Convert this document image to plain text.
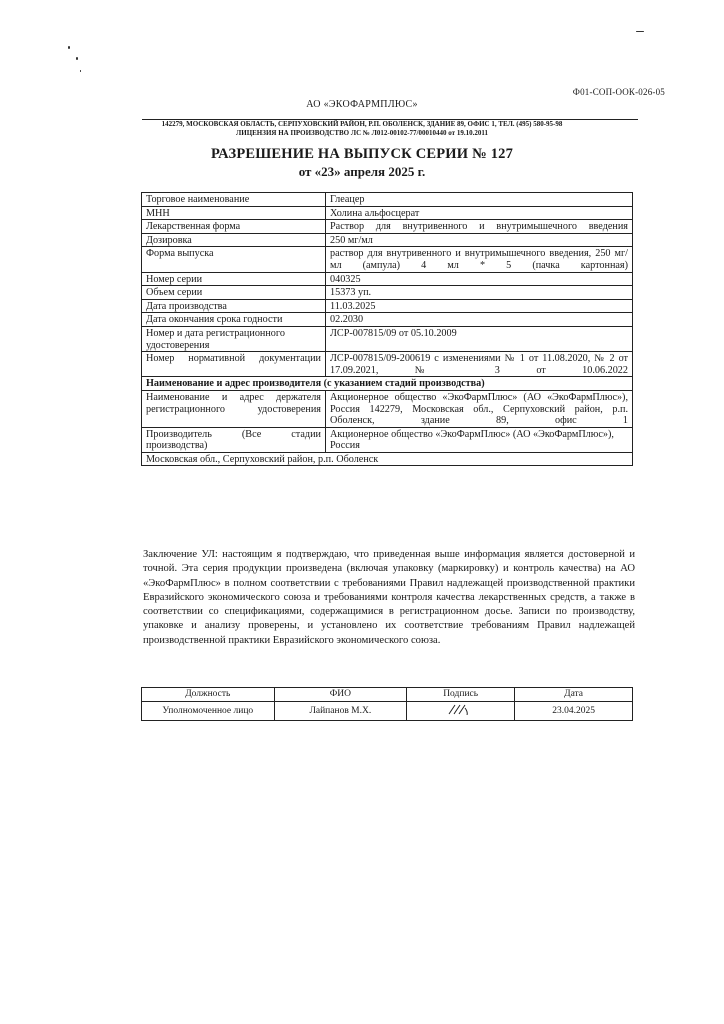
Ф01-СОП-ООК-026-05
АО «ЭКОФАРМПЛЮС»
142279, МОСКОВСКАЯ ОБЛАСТЬ, СЕРПУХОВСКИЙ РАЙОН, Р.П. ОБОЛЕНСК, ЗДАНИЕ 89, ОФИС 1, ТЕЛ. (495) 580-95-98
ЛИЦЕНЗИЯ НА ПРОИЗВОДСТВО ЛС № Л012-00102-77/00010440 от 19.10.2011
РАЗРЕШЕНИЕ НА ВЫПУСК СЕРИИ № 127
от «23» апреля 2025 г.
Торговое наименование	Глеацер
МНН	Холина альфосцерат
Лекарственная форма	Раствор для внутривенного и внутримышечного введения
Дозировка	250 мг/мл
Форма выпуска	раствор для внутривенного и внутримышечного введения, 250 мг/мл (ампула) 4 мл * 5 (пачка картонная)
Номер серии	040325
Объем серии	15373 уп.
Дата производства	11.03.2025
Дата окончания срока годности	02.2030
Номер и дата регистрационного удостоверения	ЛСР-007815/09 от 05.10.2009
Номер нормативной документации	ЛСР-007815/09-200619 с изменениями № 1 от 11.08.2020, № 2 от 17.09.2021, № 3 от 10.06.2022
Наименование и адрес производителя (с указанием стадий производства)	
Наименование и адрес держателя регистрационного удостоверения	Акционерное общество «ЭкоФармПлюс» (АО «ЭкоФармПлюс»), Россия 142279, Московская обл., Серпуховский район, р.п. Оболенск, здание 89, офис 1
Производитель (Все стадии производства)	Акционерное общество «ЭкоФармПлюс» (АО «ЭкоФармПлюс»), Россия
Московская обл., Серпуховский район, р.п. Оболенск	
Заключение УЛ: настоящим я подтверждаю, что приведенная выше информация является достоверной и точной. Эта серия продукции произведена (включая упаковку (маркировку) и контроль качества) на АО «ЭкоФармПлюс» в полном соответствии с требованиями Правил надлежащей производственной практики Евразийского экономического союза и требованиями контроля качества лекарственных средств, а также в соответствии со спецификациями, содержащимися в регистрационном досье. Записи по производству, упаковке и анализу проверены, и установлено их соответствие требованиям Правил надлежащей производственной практики Евразийского экономического союза.
Должность	ФИО	Подпись	Дата
Уполномоченное лицо	Лайпанов М.Х.		23.04.2025
